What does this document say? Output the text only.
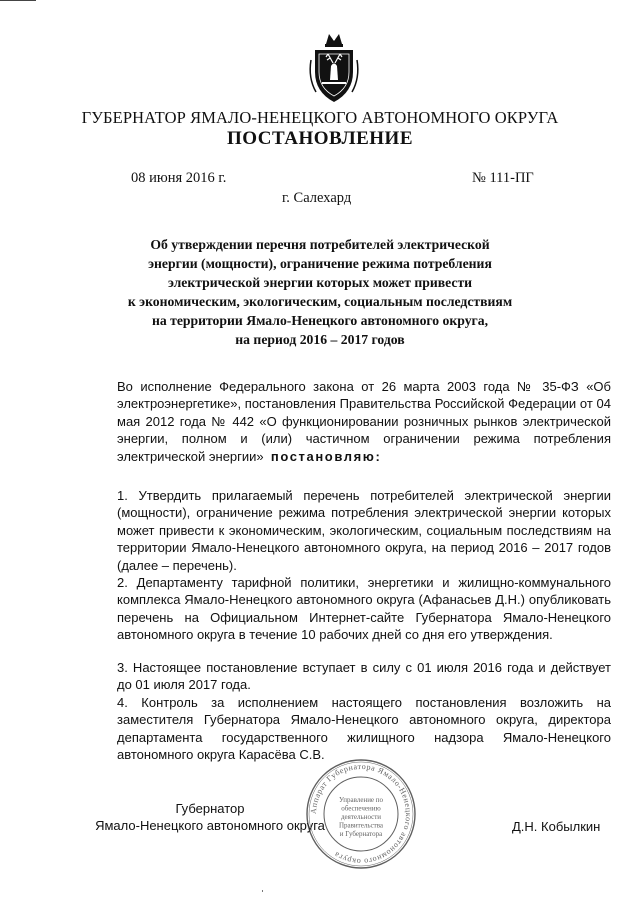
ГУБЕРНАТОР ЯМАЛО-НЕНЕЦКОГО АВТОНОМНОГО ОКРУГА
ПОСТАНОВЛЕНИЕ
08 июня 2016 г.	№ 111-ПГ
г. Салехард
Об утверждении перечня потребителей электрической
энергии (мощности), ограничение режима потребления
электрической энергии которых может привести
к экономическим, экологическим, социальным последствиям
на территории Ямало-Ненецкого автономного округа,
на период 2016 – 2017 годов
Во исполнение Федерального закона от 26 марта 2003 года № 35-ФЗ «Об электроэнергетике», постановления Правительства Российской Федерации от 04 мая 2012 года № 442 «О функционировании розничных рынков электрической энергии, полном и (или) частичном ограничении режима потребления электрической энергии» постановляю:
1. Утвердить прилагаемый перечень потребителей электрической энергии (мощности), ограничение режима потребления электрической энергии которых может привести к экономическим, экологическим, социальным последствиям на территории Ямало-Ненецкого автономного округа, на период 2016 – 2017 годов (далее – перечень).
2. Департаменту тарифной политики, энергетики и жилищно-коммунального комплекса Ямало-Ненецкого автономного округа (Афанасьев Д.Н.) опубликовать перечень на Официальном Интернет-сайте Губернатора Ямало-Ненецкого автономного округа в течение 10 рабочих дней со дня его утверждения.
3. Настоящее постановление вступает в силу с 01 июля 2016 года и действует до 01 июля 2017 года.
4. Контроль за исполнением настоящего постановления возложить на заместителя Губернатора Ямало-Ненецкого автономного округа, директора департамента государственного жилищного надзора Ямало-Ненецкого автономного округа Карасёва С.В.
Губернатор
Ямало-Ненецкого автономного округа	Д.Н. Кобылкин
Аппарат Губернатора Ямало-Ненецкого автономного округа
Управление по обеспечению деятельности Правительства и Губернатора
